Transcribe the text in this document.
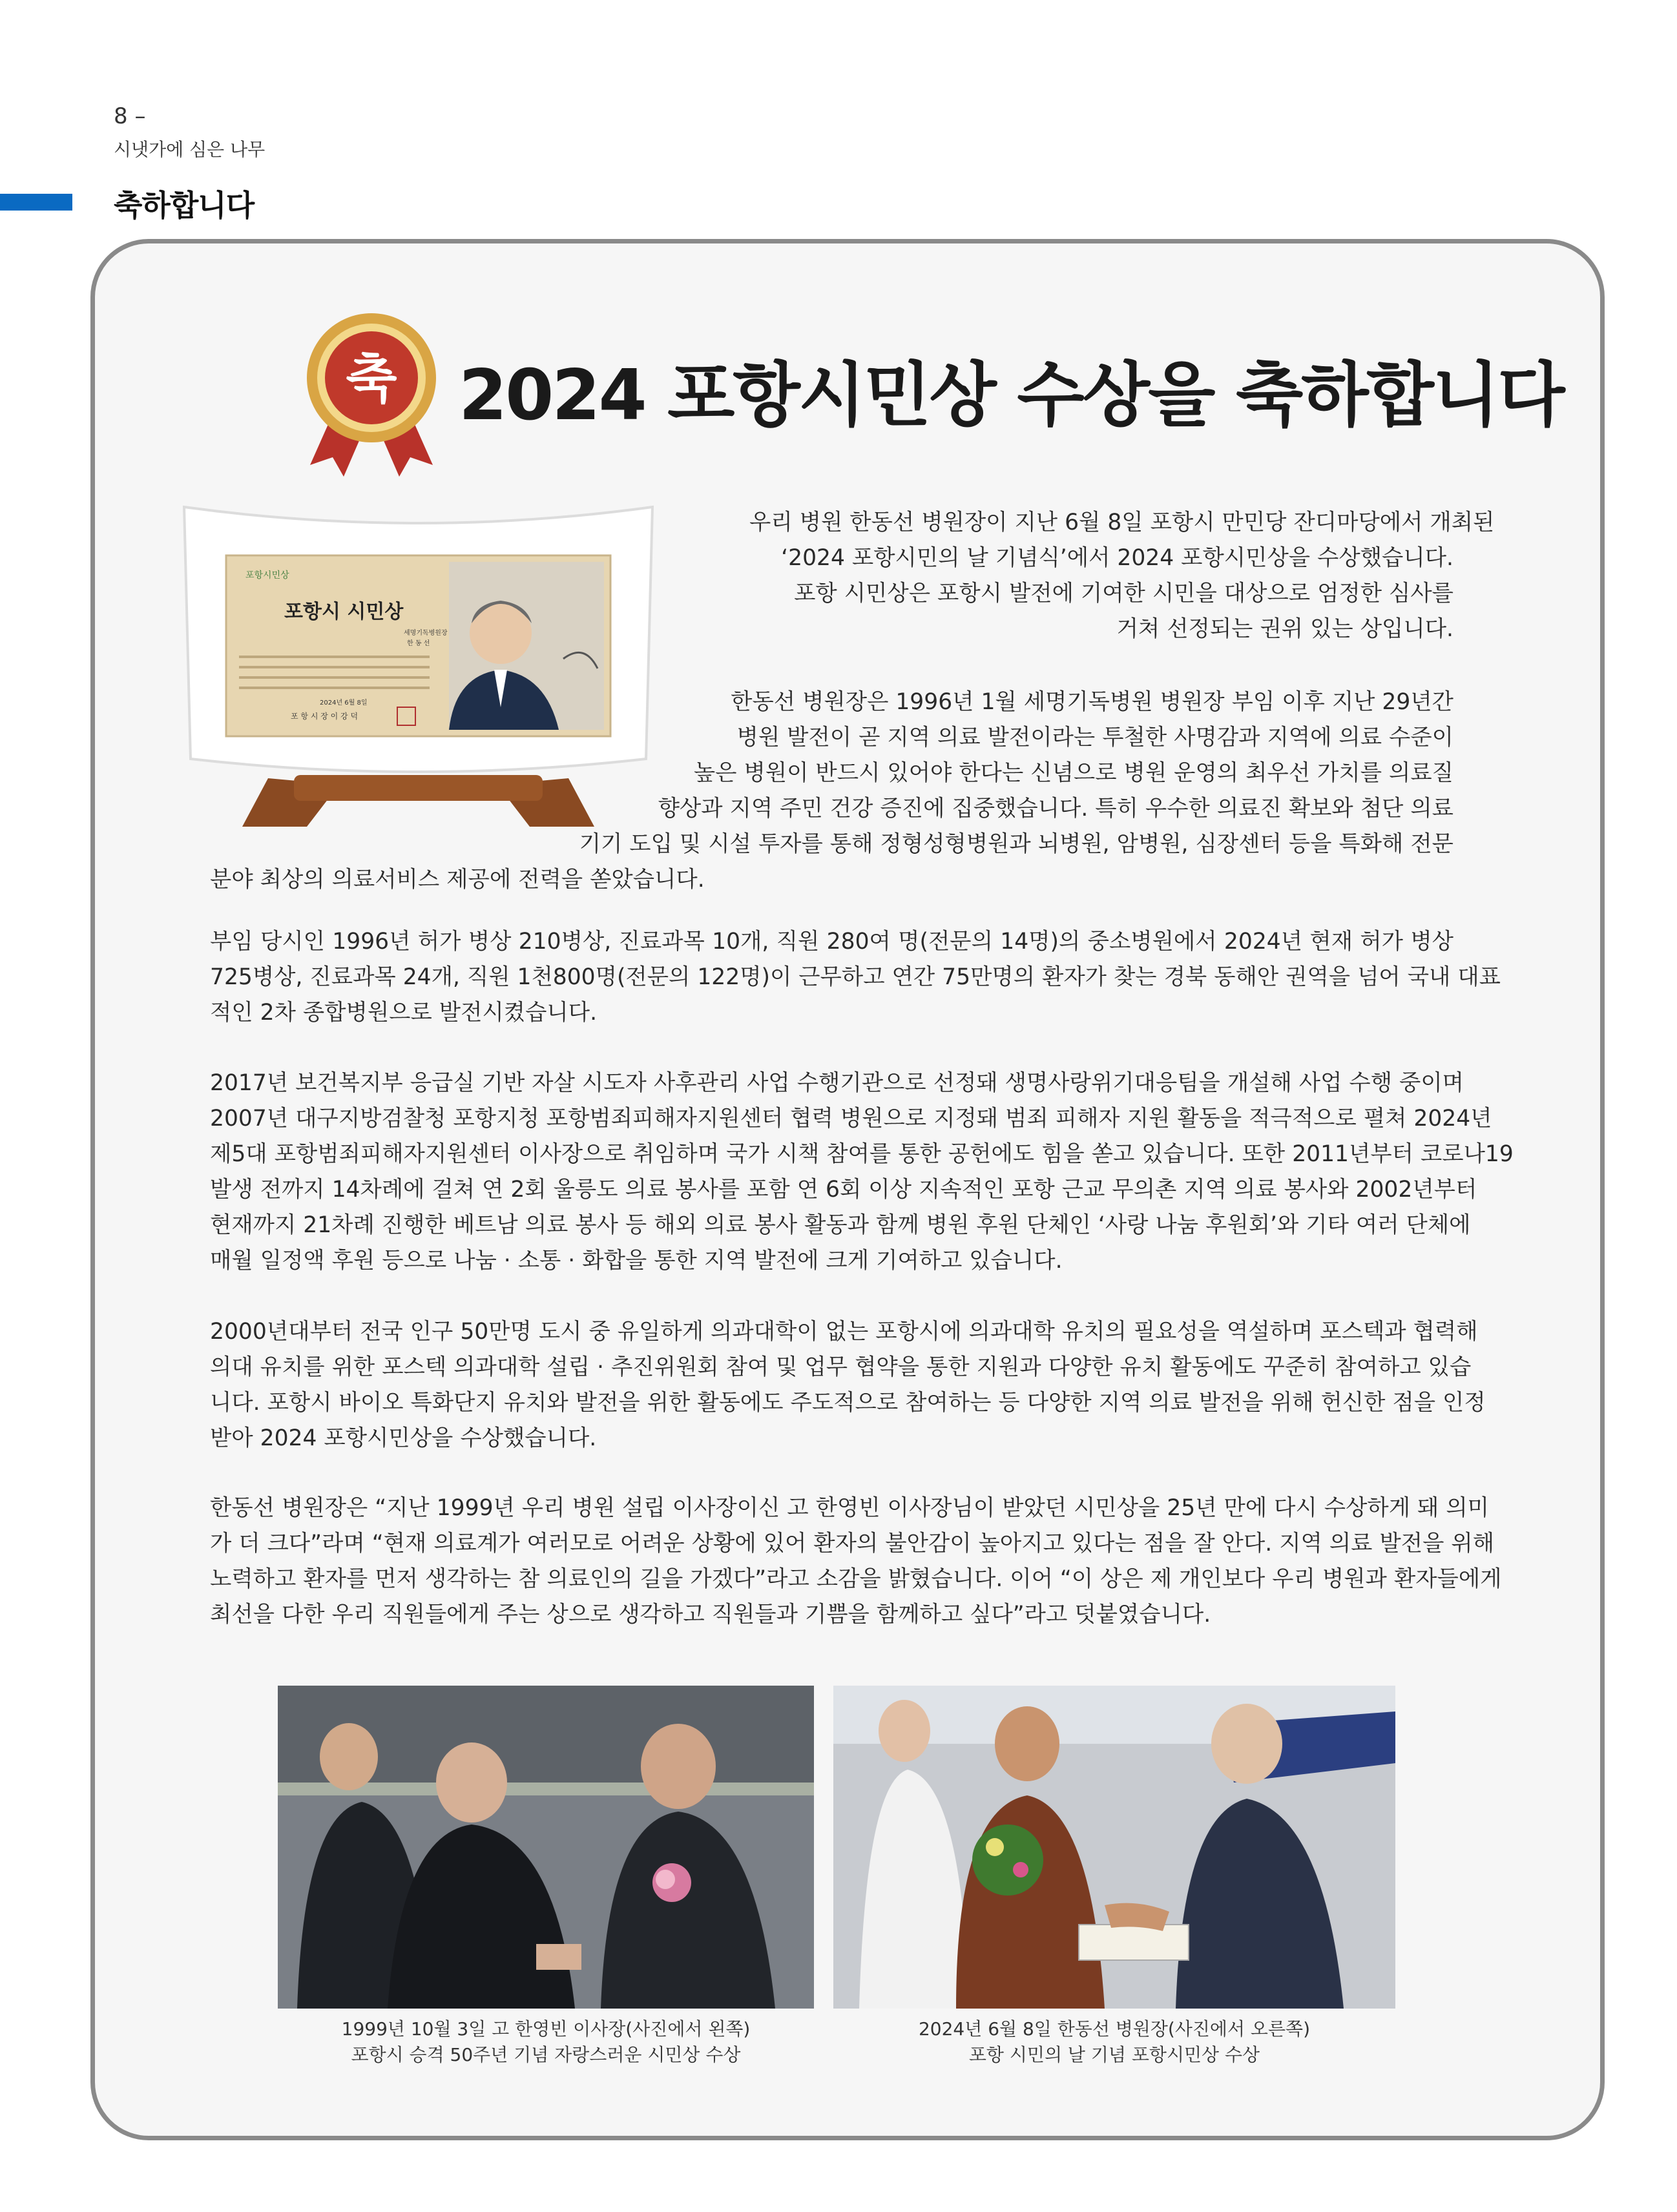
8 –
시냇가에 심은 나무
축하합니다
축 2024 포항시민상 수상을 축하합니다
포항시민상
포항시 시민상
세명기독병원장
한 동 선
2024년 6월 8일
포 항 시 장 이 강 덕

우리 병원 한동선 병원장이 지난 6월 8일 포항시 만민당 잔디마당에서 개최된
‘2024 포항시민의 날 기념식’에서 2024 포항시민상을 수상했습니다.
포항 시민상은 포항시 발전에 기여한 시민을 대상으로 엄정한 심사를
거쳐 선정되는 권위 있는 상입니다.

한동선 병원장은 1996년 1월 세명기독병원 병원장 부임 이후 지난 29년간
병원 발전이 곧 지역 의료 발전이라는 투철한 사명감과 지역에 의료 수준이
높은 병원이 반드시 있어야 한다는 신념으로 병원 운영의 최우선 가치를 의료질
향상과 지역 주민 건강 증진에 집중했습니다. 특히 우수한 의료진 확보와 첨단 의료
기기 도입 및 시설 투자를 통해 정형성형병원과 뇌병원, 암병원, 심장센터 등을 특화해 전문
분야 최상의 의료서비스 제공에 전력을 쏟았습니다.

부임 당시인 1996년 허가 병상 210병상, 진료과목 10개, 직원 280여 명(전문의 14명)의 중소병원에서 2024년 현재 허가 병상
725병상, 진료과목 24개, 직원 1천800명(전문의 122명)이 근무하고 연간 75만명의 환자가 찾는 경북 동해안 권역을 넘어 국내 대표
적인 2차 종합병원으로 발전시켰습니다.

2017년 보건복지부 응급실 기반 자살 시도자 사후관리 사업 수행기관으로 선정돼 생명사랑위기대응팀을 개설해 사업 수행 중이며
2007년 대구지방검찰청 포항지청 포항범죄피해자지원센터 협력 병원으로 지정돼 범죄 피해자 지원 활동을 적극적으로 펼쳐 2024년
제5대 포항범죄피해자지원센터 이사장으로 취임하며 국가 시책 참여를 통한 공헌에도 힘을 쏟고 있습니다. 또한 2011년부터 코로나19
발생 전까지 14차례에 걸쳐 연 2회 울릉도 의료 봉사를 포함 연 6회 이상 지속적인 포항 근교 무의촌 지역 의료 봉사와 2002년부터
현재까지 21차례 진행한 베트남 의료 봉사 등 해외 의료 봉사 활동과 함께 병원 후원 단체인 ‘사랑 나눔 후원회’와 기타 여러 단체에
매월 일정액 후원 등으로 나눔 · 소통 · 화합을 통한 지역 발전에 크게 기여하고 있습니다.

2000년대부터 전국 인구 50만명 도시 중 유일하게 의과대학이 없는 포항시에 의과대학 유치의 필요성을 역설하며 포스텍과 협력해
의대 유치를 위한 포스텍 의과대학 설립 · 추진위원회 참여 및 업무 협약을 통한 지원과 다양한 유치 활동에도 꾸준히 참여하고 있습
니다. 포항시 바이오 특화단지 유치와 발전을 위한 활동에도 주도적으로 참여하는 등 다양한 지역 의료 발전을 위해 헌신한 점을 인정
받아 2024 포항시민상을 수상했습니다.

한동선 병원장은 “지난 1999년 우리 병원 설립 이사장이신 고 한영빈 이사장님이 받았던 시민상을 25년 만에 다시 수상하게 돼 의미
가 더 크다”라며 “현재 의료계가 여러모로 어려운 상황에 있어 환자의 불안감이 높아지고 있다는 점을 잘 안다. 지역 의료 발전을 위해
노력하고 환자를 먼저 생각하는 참 의료인의 길을 가겠다”라고 소감을 밝혔습니다. 이어 “이 상은 제 개인보다 우리 병원과 환자들에게
최선을 다한 우리 직원들에게 주는 상으로 생각하고 직원들과 기쁨을 함께하고 싶다”라고 덧붙였습니다.

1999년 10월 3일 고 한영빈 이사장(사진에서 왼쪽)
포항시 승격 50주년 기념 자랑스러운 시민상 수상
2024년 6월 8일 한동선 병원장(사진에서 오른쪽)
포항 시민의 날 기념 포항시민상 수상
